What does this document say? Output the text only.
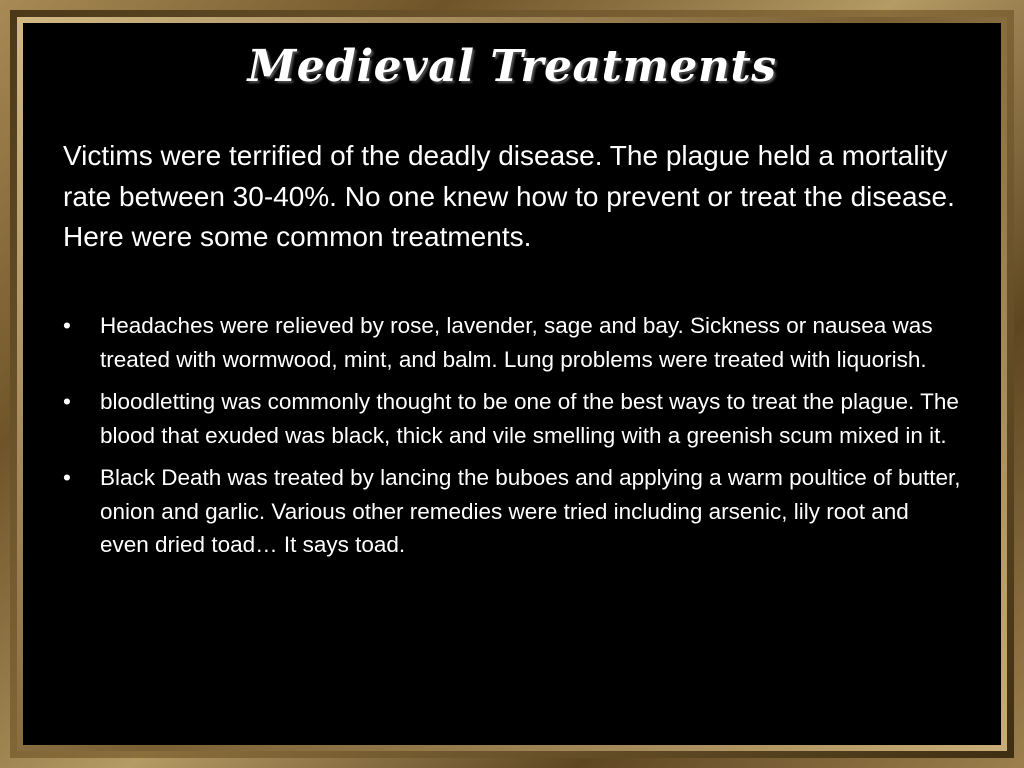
Medieval Treatments

Victims were terrified of the deadly disease. The plague held a mortality rate between 30-40%. No one knew how to prevent or treat the disease. Here were some common treatments.

• Headaches were relieved by rose, lavender, sage and bay. Sickness or nausea was treated with wormwood, mint, and balm. Lung problems were treated with liquorish.
• bloodletting was commonly thought to be one of the best ways to treat the plague. The blood that exuded was black, thick and vile smelling with a greenish scum mixed in it.
• Black Death was treated by lancing the buboes and applying a warm poultice of butter, onion and garlic. Various other remedies were tried including arsenic, lily root and even dried toad… It says toad.
